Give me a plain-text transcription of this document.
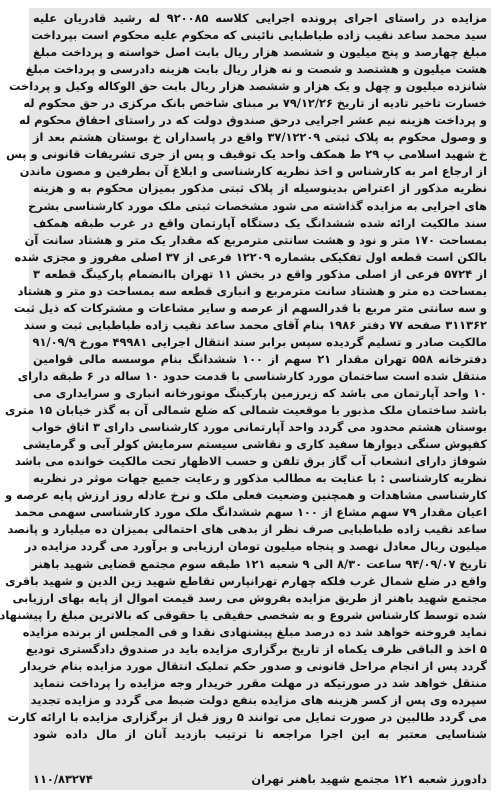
مزایده در راستای اجرای پرونده اجرایی کلاسه ۹۲۰۰۸۵ له رشید قادریان علیه
سید محمد ساعد نقیب زاده طباطبایی نائینی که محکوم علیه محکوم است بپرداخت
مبلغ چهارصد و پنج میلیون و ششصد هزار ریال بابت اصل خواسته و پرداخت مبلغ
هشت میلیون و هشتصد و شصت و نه هزار ریال بابت هزینه دادرسی و پرداخت مبلغ
شانزده میلیون و چهل و یک هزار و ششصد هزار ریال بابت حق الوکاله وکیل و پرداخت
خسارت تاخیر تادیه از تاریخ ۷۹/۱۲/۲۶ بر مبنای شاخص بانک مرکزی در حق محکوم له
و پرداخت هزینه نیم عشر اجرایی درحق صندوق دولت که در راستای احقاق محکوم له
و وصول محکوم به پلاک ثبتی ۳۷/۱۲۲۰۹ واقع در پاسداران خ بوستان هشتم بعد از
خ شهید اسلامی پ ۲۹ ط همکف واحد یک توقیف و پس از جری تشریفات قانونی و پس
از ارجاع امر به کارشناس و اخذ نظریه کارشناسی و ابلاغ آن بطرفین و مصون ماندن
نظریه مذکور از اعتراض بدینوسیله از پلاک ثبتی مذکور بمیزان محکوم به و هزینه
های اجرایی به مزایده گذاشته می شود مشخصات ثبتی ملک مورد کارشناسی بشرح
سند مالکیت ارائه شده ششدانگ یک دستگاه آپارتمان واقع در غرب طبقه همکف
بمساحت ۱۷۰ متر و نود و هشت سانتی مترمربع که مقدار یک متر و هشتاد سانت آن
بالکن است قطعه اول تفکیکی بشماره ۱۲۲۰۹ فرعی از ۳۷ اصلی مفروز و مجزی شده
از ۵۷۲۴ فرعی از اصلی مذکور واقع در بخش ۱۱ تهران باانضمام پارکینگ قطعه ۳
بمساحت ده متر و هشتاد سانت مترمربع و انباری قطعه سه بمساحت دو متر و هشتاد
و سه سانتی متر مربع با قدرالسهم از عرصه و سایر مشاعات و مشترکات که ذیل ثبت
۳۱۱۳۶۲ صفحه ۷۷ دفتر ۱۹۸۶ بنام آقای محمد ساعد نقیب زاده طباطبایی ثبت و سند
مالکیت صادر و تسلیم گردیده سپس برابر سند انتقال اجرایی ۴۹۹۸۱ مورخ ۹۱/۰۹/۹
دفترخانه ۵۵۸ تهران مقدار ۲۱ سهم از ۱۰۰ ششدانگ بنام موسسه مالی قوامین
منتقل شده است ساختمان مورد کارشناسی با قدمت حدود ۱۰ ساله در ۶ طبقه دارای
۱۰ واحد آپارتمان می باشد که زیرزمین پارکینگ موتورخانه انباری و سرایداری می
باشد ساختمان ملک مذبور با موقعیت شمالی که ضلع شمالی آن به گذر خیابان ۱۵ متری
بوستان هشتم محدود می گردد واحد آپارتمانی مورد کارشناسی دارای ۳ اتاق خواب
کفپوش سنگی دیوارها سفید کاری و نقاشی سیستم سرمایش کولر آبی و گرمایشی
شوفاژ دارای انشعاب آب گاز برق تلفن و حسب الاظهار تحت مالکیت خوانده می باشد
نظریه کارشناسی : با عنایت به مطالب مذکور و رعایت جمیع جهات موثر در نظریه
کارشناسی مشاهدات و همچنین وضعیت فعلی ملک و نرخ عادله روز ارزش پایه عرصه و
اعیان مقدار ۷۹ سهم مشاع از ۱۰۰ سهم ششدانگ ملک مورد کارشناسی سهمی محمد
ساعد نقیب زاده طباطبایی صرف نظر از بدهی های احتمالی بمیزان ده میلیارد و پانصد
میلیون ریال معادل نهصد و پنجاه میلیون تومان ارزیابی و برآورد می گردد مزایده در
تاریخ ۹۴/۰۹/۰۷ ساعت ۸/۳۰ الی ۹ شعبه ۱۲۱ طبقه سوم مجتمع قضایی شهید باهنر
واقع در ضلع شمال غرب فلکه چهارم تهرانپارس تقاطع شهید زین الدین و شهید باقری
مجتمع شهید باهنر از طریق مزایده بفروش می رسد قیمت اموال از پایه بهای ارزیابی
شده توسط کارشناس شروع و به شخصی حقیقی یا حقوقی که بالاترین مبلغ را پیشنهاد
نماید فروخته خواهد شد ده درصد مبلغ پیشنهادی نقدا و فی المجلس از برنده مزایده
۵ اخذ و الباقی ظرف یکماه از تاریخ برگزاری مزایده باید در صندوق دادگستری تودیع
گردد پس از انجام مراحل قانونی و صدور حکم تملیک انتقال مورد مزایده بنام خریدار
منتقل خواهد شد در صورتیکه در مهلت مقرر خریدار وجه مزایده را پرداخت ننماید
سپرده وی پس از کسر هزینه های مزایده بنفع دولت ضبط می گردد و مزایده تجدید
می گردد طالبین در صورت تمایل می توانند ۵ روز قبل از برگزاری مزایده با ارائه کارت
شناسایی معتبر به این اجرا مراجعه تا ترتیب بازدید آنان از مال داده شود
دادورز شعبه ۱۲۱ مجتمع شهید باهنر تهران
۱۱۰/۸۳۲۷۴
